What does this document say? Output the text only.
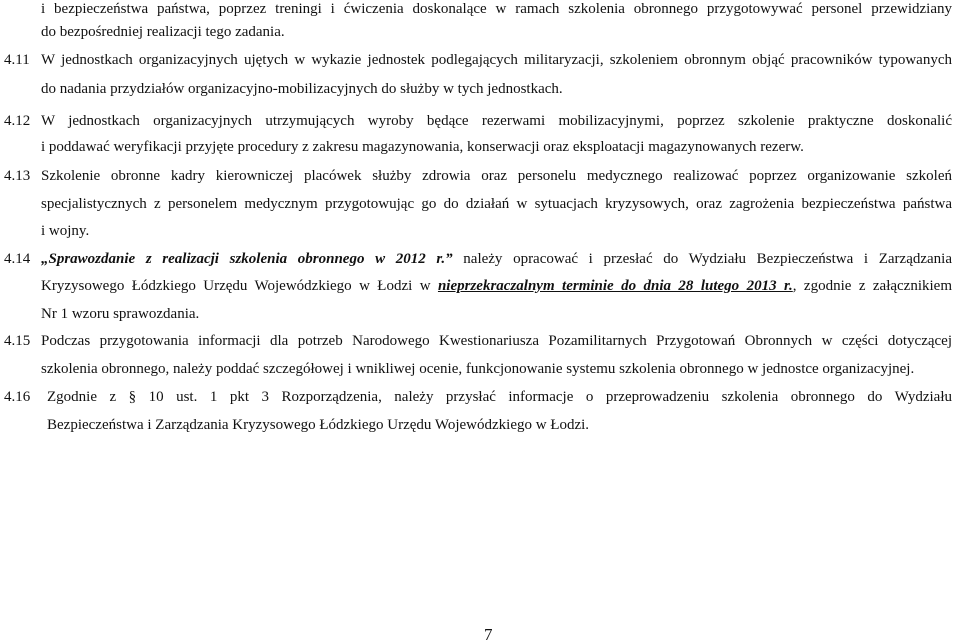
i bezpieczeństwa państwa, poprzez treningi i ćwiczenia doskonalące w ramach szkolenia obronnego przygotowywać personel przewidziany
do bezpośredniej realizacji tego zadania.
4.11 W jednostkach organizacyjnych ujętych w wykazie jednostek podlegających militaryzacji, szkoleniem obronnym objąć pracowników typowanych
do nadania przydziałów organizacyjno-mobilizacyjnych do służby w tych jednostkach.
4.12 W jednostkach organizacyjnych utrzymujących wyroby będące rezerwami mobilizacyjnymi, poprzez szkolenie praktyczne doskonalić
i poddawać weryfikacji przyjęte procedury z zakresu magazynowania, konserwacji oraz eksploatacji magazynowanych rezerw.
4.13 Szkolenie obronne kadry kierowniczej placówek służby zdrowia oraz personelu medycznego realizować poprzez organizowanie szkoleń
specjalistycznych z personelem medycznym przygotowując go do działań w sytuacjach kryzysowych, oraz zagrożenia bezpieczeństwa państwa
i wojny.
4.14 „Sprawozdanie z realizacji szkolenia obronnego w 2012 r.” należy opracować i przesłać do Wydziału Bezpieczeństwa i Zarządzania
Kryzysowego Łódzkiego Urzędu Wojewódzkiego w Łodzi w nieprzekraczalnym terminie do dnia 28 lutego 2013 r., zgodnie z załącznikiem
Nr 1 wzoru sprawozdania.
4.15 Podczas przygotowania informacji dla potrzeb Narodowego Kwestionariusza Pozamilitarnych Przygotowań Obronnych w części dotyczącej
szkolenia obronnego, należy poddać szczegółowej i wnikliwej ocenie, funkcjonowanie systemu szkolenia obronnego w jednostce organizacyjnej.
4.16 Zgodnie z § 10 ust. 1 pkt 3 Rozporządzenia, należy przysłać informacje o przeprowadzeniu szkolenia obronnego do Wydziału
Bezpieczeństwa i Zarządzania Kryzysowego Łódzkiego Urzędu Wojewódzkiego w Łodzi.
7
